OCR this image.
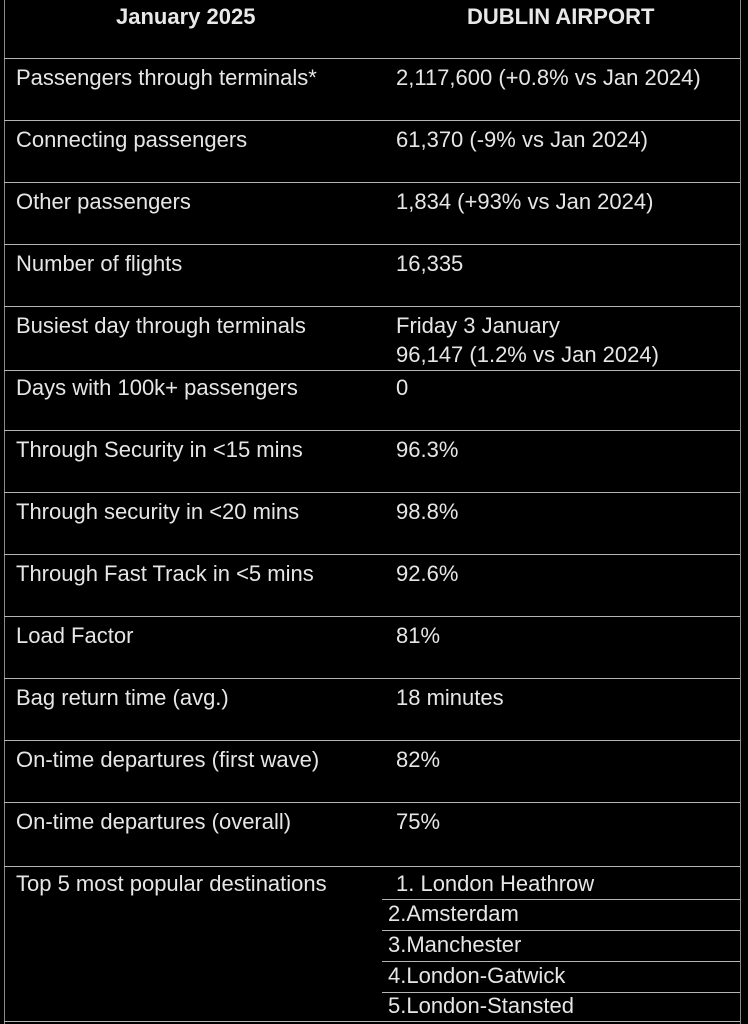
January 2025	DUBLIN AIRPORT
Passengers through terminals*	2,117,600 (+0.8% vs Jan 2024)
Connecting passengers	61,370 (-9% vs Jan 2024)
Other passengers	1,834 (+93% vs Jan 2024)
Number of flights	16,335
Busiest day through terminals	Friday 3 January
96,147 (1.2% vs Jan 2024)
Days with 100k+ passengers	0
Through Security in <15 mins	96.3%
Through security in <20 mins	98.8%
Through Fast Track in <5 mins	92.6%
Load Factor	81%
Bag return time (avg.)	18 minutes
On-time departures (first wave)	82%
On-time departures (overall)	75%
Top 5 most popular destinations	1. London Heathrow
2.Amsterdam
3.Manchester
4.London-Gatwick
5.London-Stansted
